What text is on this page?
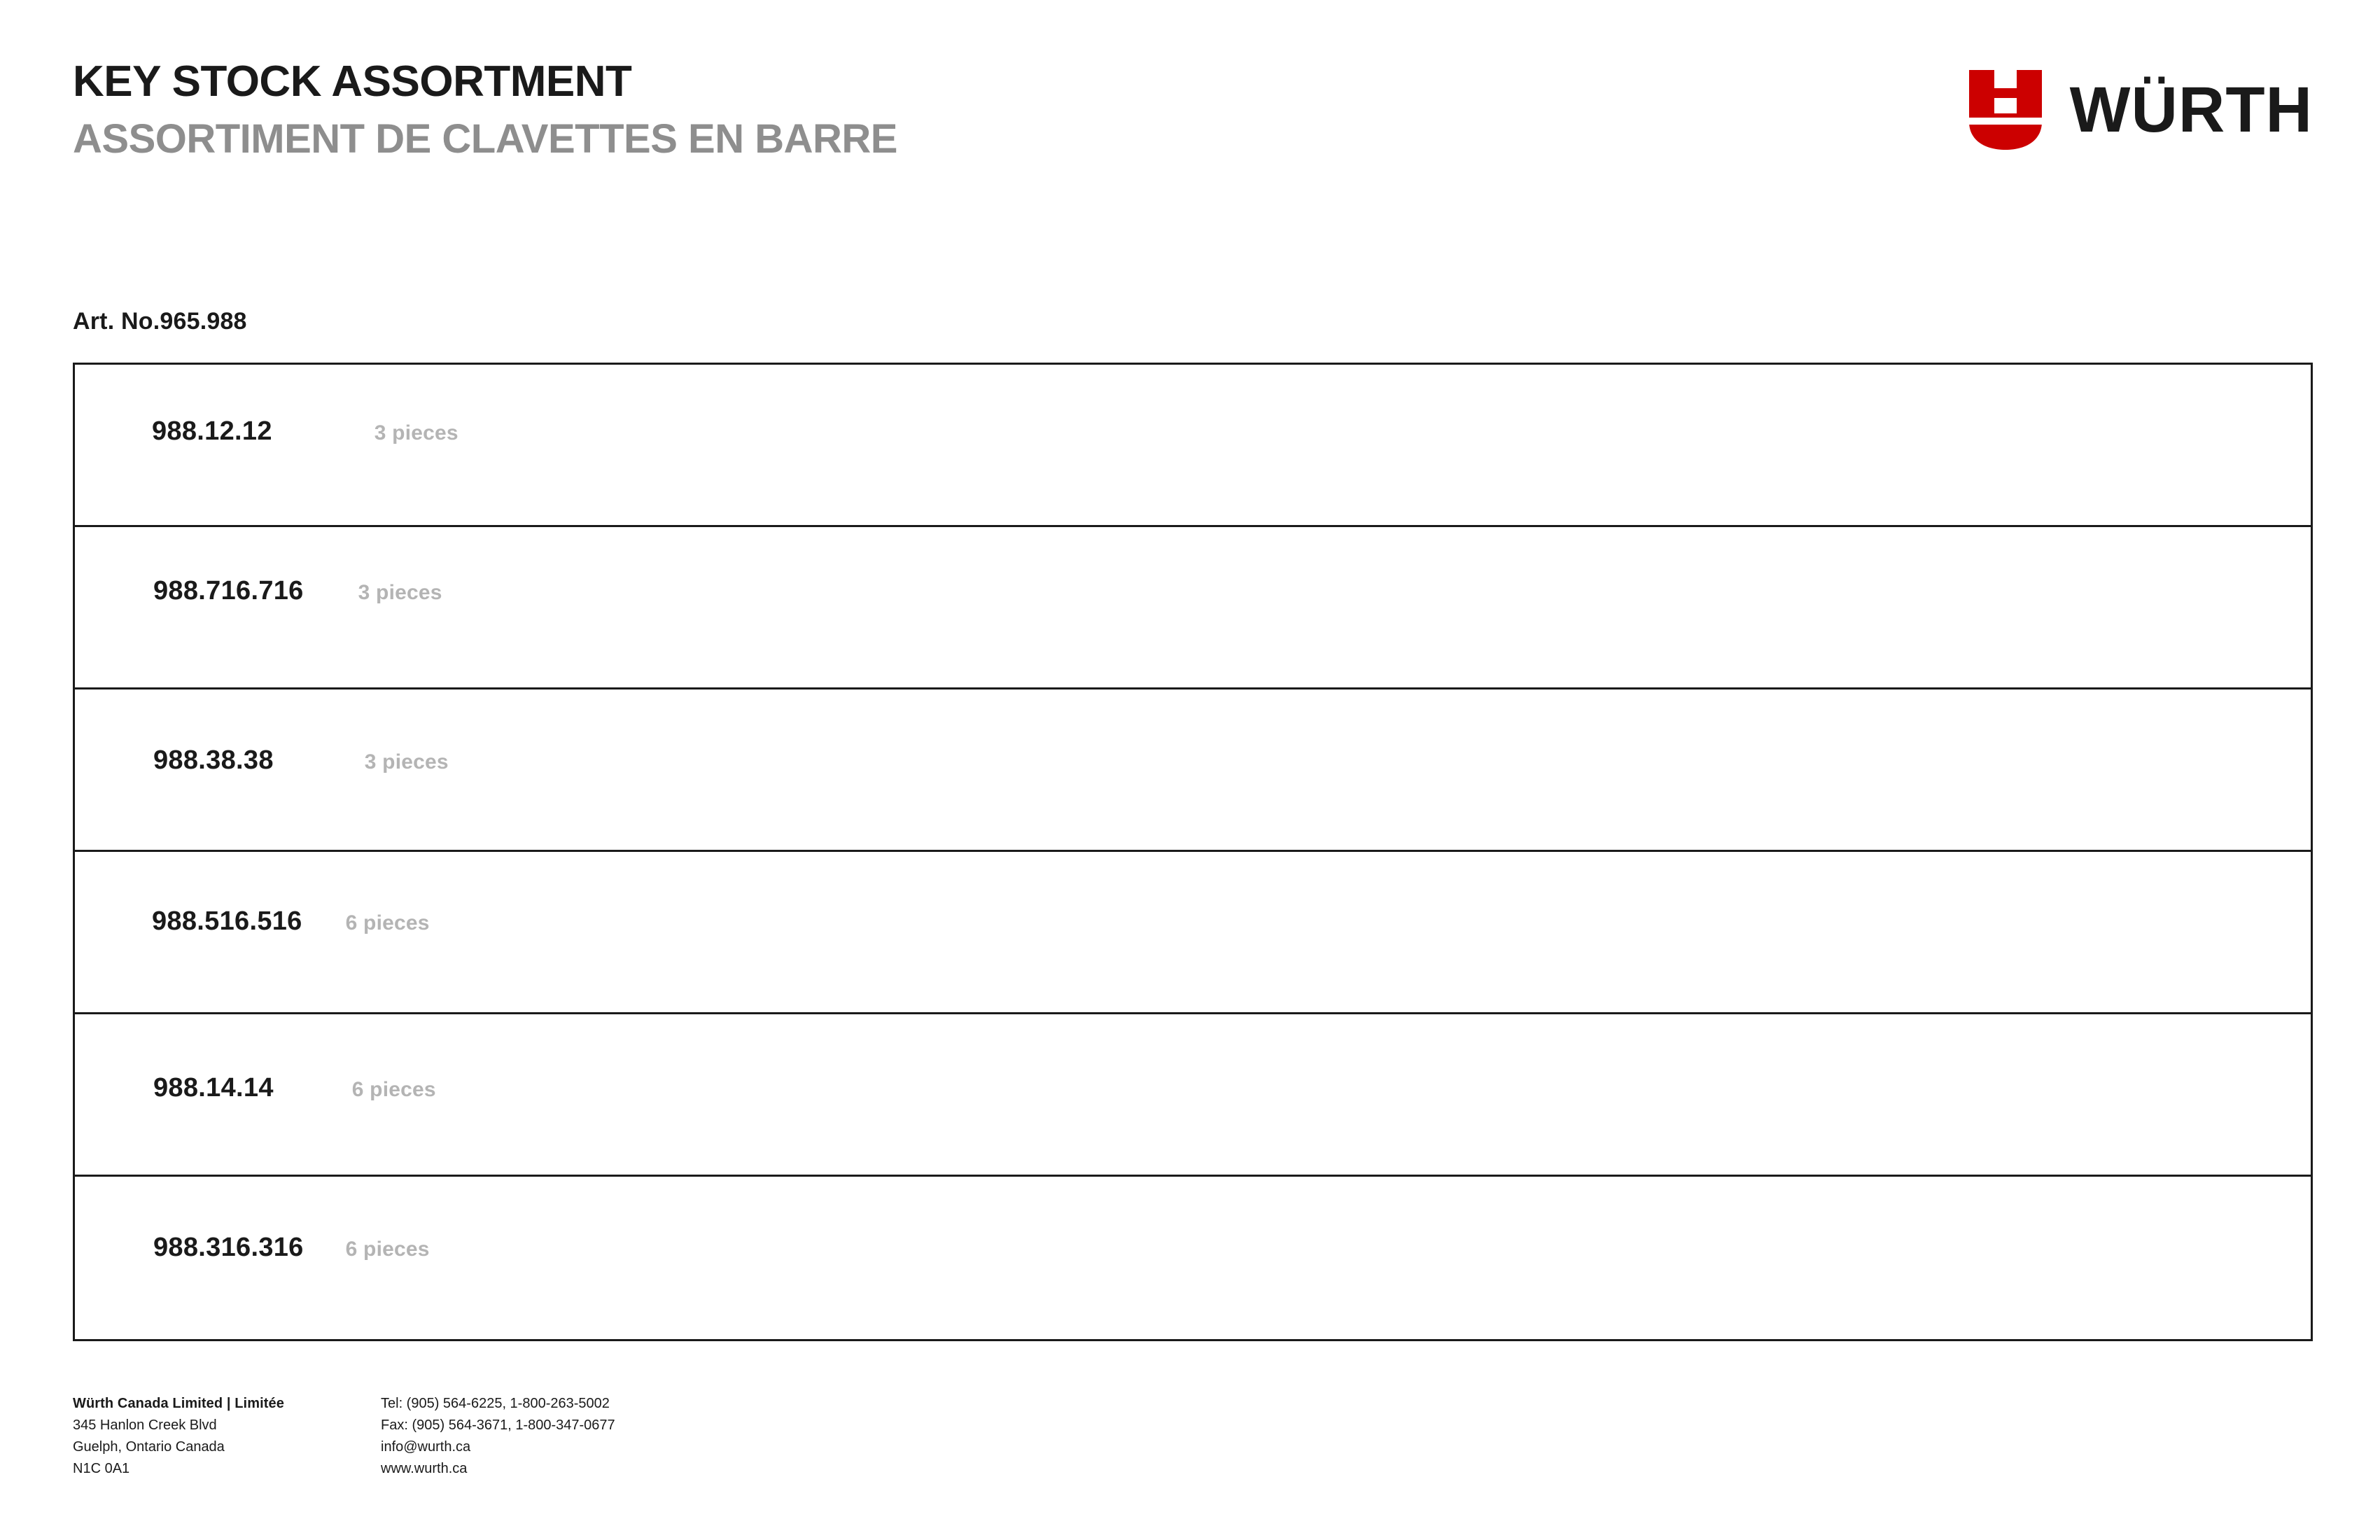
KEY STOCK ASSORTMENT
ASSORTIMENT DE CLAVETTES EN BARRE	WÜRTH
Art. No.965.988
988.12.12	3 pieces
988.716.716	3 pieces
988.38.38	3 pieces
988.516.516 6 pieces
988.14.14	6 pieces
988.316.316 6 pieces
Würth Canada Limited | Limitée
345 Hanlon Creek Blvd
Guelph, Ontario Canada
N1C 0A1
Tel: (905) 564-6225, 1-800-263-5002
Fax: (905) 564-3671, 1-800-347-0677
info@wurth.ca
www.wurth.ca
